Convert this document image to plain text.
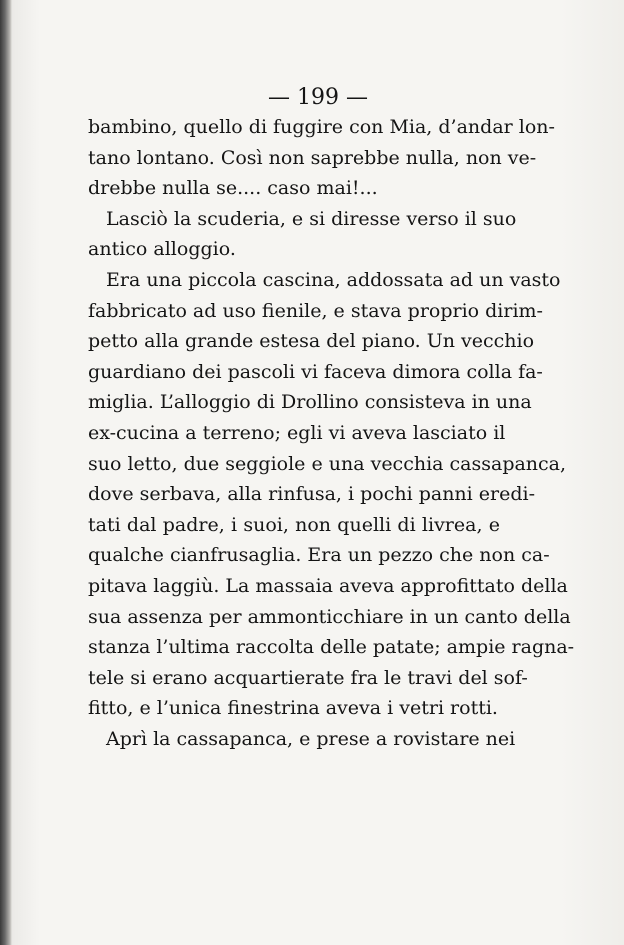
— 199 —
bambino, quello di fuggire con Mia, d’andar lon-
tano lontano. Così non saprebbe nulla, non ve-
drebbe nulla se.... caso mai!...
Lasciò la scuderia, e si diresse verso il suo
antico alloggio.
Era una piccola cascina, addossata ad un vasto
fabbricato ad uso fienile, e stava proprio dirim-
petto alla grande estesa del piano. Un vecchio
guardiano dei pascoli vi faceva dimora colla fa-
miglia. L’alloggio di Drollino consisteva in una
ex-cucina a terreno; egli vi aveva lasciato il
suo letto, due seggiole e una vecchia cassapanca,
dove serbava, alla rinfusa, i pochi panni eredi-
tati dal padre, i suoi, non quelli di livrea, e
qualche cianfrusaglia. Era un pezzo che non ca-
pitava laggiù. La massaia aveva approfittato della
sua assenza per ammonticchiare in un canto della
stanza l’ultima raccolta delle patate; ampie ragna-
tele si erano acquartierate fra le travi del sof-
fitto, e l’unica finestrina aveva i vetri rotti.
Aprì la cassapanca, e prese a rovistare nei
